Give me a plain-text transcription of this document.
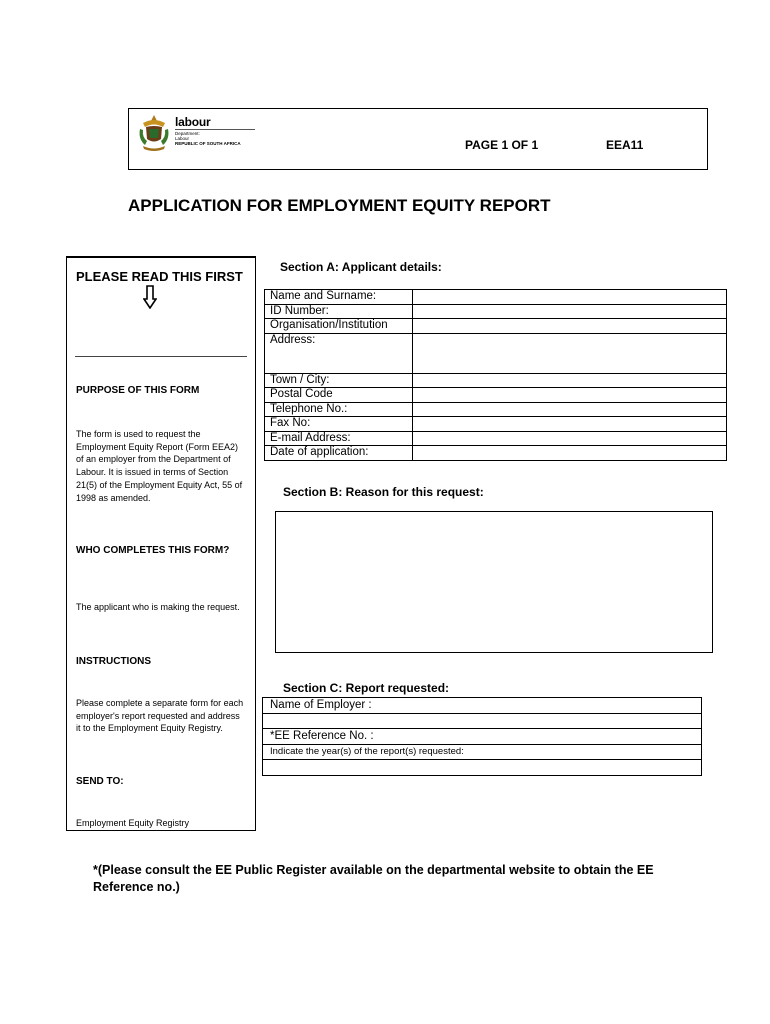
labour
Department:
Labour
REPUBLIC OF SOUTH AFRICA	PAGE 1 OF 1	EEA11
APPLICATION FOR EMPLOYMENT EQUITY REPORT
PLEASE READ THIS FIRST
PURPOSE OF THIS FORM
The form is used to request the Employment Equity Report (Form EEA2) of an employer from the Department of Labour. It is issued in terms of Section 21(5) of the Employment Equity Act, 55 of 1998 as amended.
WHO COMPLETES THIS FORM?
The applicant who is making the request.
INSTRUCTIONS
Please complete a separate form for each employer's report requested and address it to the Employment Equity Registry.
SEND TO:
Employment Equity Registry
Section A: Applicant details:
Name and Surname:	
ID Number:	
Organisation/Institution	
Address:	
Town / City:	
Postal Code	
Telephone No.:	
Fax No:	
E-mail Address:	
Date of application:	
Section B: Reason for this request:
Section C: Report requested:
Name of Employer :

*EE Reference No. :
Indicate the year(s) of the report(s) requested:

*(Please consult the EE Public Register available on the departmental website to obtain the EE Reference no.)
